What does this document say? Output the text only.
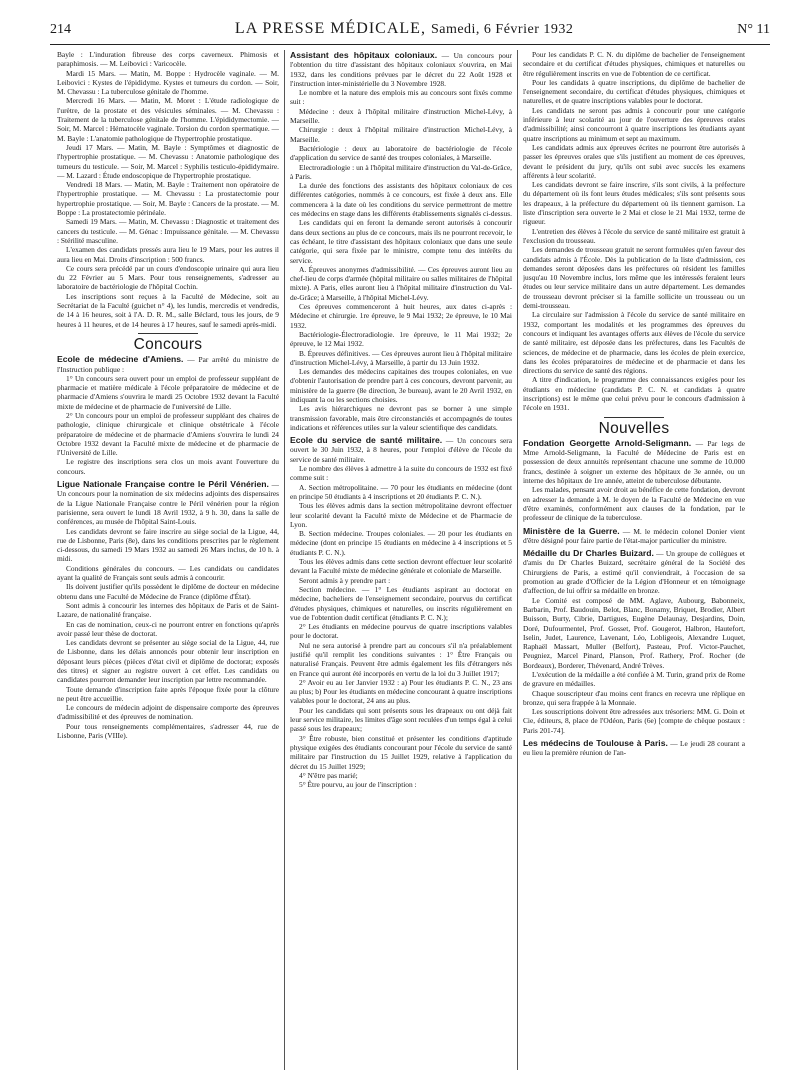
214	LA PRESSE MÉDICALE, Samedi, 6 Février 1932	N° 11

Bayle : L'induration fibreuse des corps caverneux. Phimosis et paraphimosis. — M. Leibovici : Varicocèle.

Mardi 15 Mars. — Matin, M. Boppe : Hydrocèle vaginale. — M. Leibovici : Kystes de l'épididyme. Kystes et tumeurs du cordon. — Soir, M. Chevassu : La tuberculose génitale de l'homme.

Mercredi 16 Mars. — Matin, M. Moret : L'étude radiologique de l'urètre, de la prostate et des vésicules séminales. — M. Chevassu : Traitement de la tuberculose génitale de l'homme. L'épididymectomie. — Soir, M. Marcel : Hématocèle vaginale. Torsion du cordon spermatique. — M. Bayle : L'anatomie pathologique de l'hypertrophie prostatique.

Jeudi 17 Mars. — Matin, M. Bayle : Symptômes et diagnostic de l'hypertrophie prostatique. — M. Chevassu : Anatomie pathologique des tumeurs du testicule. — Soir, M. Marcel : Syphilis testiculo-épididymaire. — M. Lazard : Étude endoscopique de l'hypertrophie prostatique.

Vendredi 18 Mars. — Matin, M. Bayle : Traitement non opératoire de l'hypertrophie prostatique. — M. Chevassu : La prostatectomie pour hypertrophie prostatique. — Soir, M. Bayle : Cancers de la prostate. — M. Boppe : La prostatectomie périnéale.

Samedi 19 Mars. — Matin, M. Chevassu : Diagnostic et traitement des cancers du testicule. — M. Génac : Impuissance génitale. — M. Chevassu : Stérilité masculine.

L'examen des candidats pressés aura lieu le 19 Mars, pour les autres il aura lieu en Mai. Droits d'inscription : 500 francs.

Ce cours sera précédé par un cours d'endoscopie urinaire qui aura lieu du 22 Février au 5 Mars. Pour tous renseignements, s'adresser au laboratoire de bactériologie de l'hôpital Cochin.

Les inscriptions sont reçues à la Faculté de Médecine, soit au Secrétariat de la Faculté (guichet n° 4), les lundis, mercredis et vendredis, de 14 à 16 heures, soit à l'A. D. R. M., salle Béclard, tous les jours, de 9 heures à 11 heures, et de 14 heures à 17 heures, sauf le samedi après-midi.

Concours

Ecole de médecine d'Amiens. — Par arrêté du ministre de l'Instruction publique :

1° Un concours sera ouvert pour un emploi de professeur suppléant de pharmacie et matière médicale à l'école préparatoire de médecine et de pharmacie d'Amiens s'ouvrira le mardi 25 Octobre 1932 devant la Faculté mixte de médecine et de pharmacie de l'université de Lille.

2° Un concours pour un emploi de professeur suppléant des chaires de pathologie, clinique chirurgicale et clinique obstétricale à l'école préparatoire de médecine et de pharmacie d'Amiens s'ouvrira le lundi 24 Octobre 1932 devant la Faculté mixte de médecine et de pharmacie de l'Université de Lille.

Le registre des inscriptions sera clos un mois avant l'ouverture du concours.

Ligue Nationale Française contre le Péril Vénérien. — Un concours pour la nomination de six médecins adjoints des dispensaires de la Ligue Nationale Française contre le Péril vénérien pour la région parisienne, sera ouvert le lundi 18 Avril 1932, à 9 h. 30, dans la salle de conférences, au musée de l'hôpital Saint-Louis.

Les candidats devront se faire inscrire au siège social de la Ligue, 44, rue de Lisbonne, Paris (8e), dans les conditions prescrites par le règlement ci-dessous, du samedi 19 Mars 1932 au samedi 26 Mars inclus, de 10 h. à midi.

Conditions générales du concours. — Les candidats ou candidates ayant la qualité de Français sont seuls admis à concourir.

Ils doivent justifier qu'ils possèdent le diplôme de docteur en médecine obtenu dans une Faculté de Médecine de France (diplôme d'État).

Sont admis à concourir les internes des hôpitaux de Paris et de Saint-Lazare, de nationalité française.

En cas de nomination, ceux-ci ne pourront entrer en fonctions qu'après avoir passé leur thèse de doctorat.

Les candidats devront se présenter au siège social de la Ligue, 44, rue de Lisbonne, dans les délais annoncés pour obtenir leur inscription en déposant leurs pièces (pièces d'état civil et diplôme de doctorat; exposés des titres) et signer au registre ouvert à cet effet. Les candidats ou candidates pourront demander leur inscription par lettre recommandée.

Toute demande d'inscription faite après l'époque fixée pour la clôture ne peut être accueillie.

Le concours de médecin adjoint de dispensaire comporte des épreuves d'admissibilité et des épreuves de nomination.

Pour tous renseignements complémentaires, s'adresser 44, rue de Lisbonne, Paris (VIIIe).

Assistant des hôpitaux coloniaux. — Un concours pour l'obtention du titre d'assistant des hôpitaux coloniaux s'ouvrira, en Mai 1932, dans les conditions prévues par le décret du 22 Août 1928 et l'instruction inter-ministérielle du 3 Novembre 1928.

Le nombre et la nature des emplois mis au concours sont fixés comme suit :

Médecine : deux à l'hôpital militaire d'instruction Michel-Lévy, à Marseille.

Chirurgie : deux à l'hôpital militaire d'instruction Michel-Lévy, à Marseille.

Bactériologie : deux au laboratoire de bactériologie de l'école d'application du service de santé des troupes coloniales, à Marseille.

Electroradiologie : un à l'hôpital militaire d'instruction du Val-de-Grâce, à Paris.

La durée des fonctions des assistants des hôpitaux coloniaux de ces différentes catégories, nommés à ce concours, est fixée à deux ans. Elle commencera à la date où les conditions du service permettront de mettre ces médecins en stage dans les différents établissements signalés ci-dessus.

Les candidats qui en feront la demande seront autorisés à concourir dans deux sections au plus de ce concours, mais ils ne pourront recevoir, le cas échéant, le titre d'assistant des hôpitaux coloniaux que dans une seule catégorie, qui sera fixée par le ministre, compte tenu des intérêts du service.

A. Épreuves anonymes d'admissibilité. — Ces épreuves auront lieu au chef-lieu de corps d'armée (hôpital militaire ou salles militaires de l'hôpital mixte). A Paris, elles auront lieu à l'hôpital militaire d'instruction du Val-de-Grâce; à Marseille, à l'hôpital Michel-Lévy.

Ces épreuves commenceront à huit heures, aux dates ci-après : Médecine et chirurgie. 1re épreuve, le 9 Mai 1932; 2e épreuve, le 10 Mai 1932.

Bactériologie-Électroradiologie. 1re épreuve, le 11 Mai 1932; 2e épreuve, le 12 Mai 1932.

B. Épreuves définitives. — Ces épreuves auront lieu à l'hôpital militaire d'instruction Michel-Lévy, à Marseille, à partir du 13 Juin 1932.

Les demandes des médecins capitaines des troupes coloniales, en vue d'obtenir l'autorisation de prendre part à ces concours, devront parvenir, au ministère de la guerre (8e direction, 3e bureau), avant le 20 Avril 1932, en indiquant la ou les sections choisies.

Les avis hiérarchiques ne devront pas se borner à une simple transmission favorable, mais être circonstanciés et accompagnés de toutes indications et références utiles sur la valeur scientifique des candidats.

Ecole du service de santé militaire. — Un concours sera ouvert le 30 Juin 1932, à 8 heures, pour l'emploi d'élève de l'école du service de santé militaire.

Le nombre des élèves à admettre à la suite du concours de 1932 est fixé comme suit :

A. Section métropolitaine. — 70 pour les étudiants en médecine (dont en principe 50 étudiants à 4 inscriptions et 20 étudiants P. C. N.).

Tous les élèves admis dans la section métropolitaine devront effectuer leur scolarité devant la Faculté mixte de Médecine et de Pharmacie de Lyon.

B. Section médecine. Troupes coloniales. — 20 pour les étudiants en médecine (dont en principe 15 étudiants en médecine à 4 inscriptions et 5 étudiants P. C. N.).

Tous les élèves admis dans cette section devront effectuer leur scolarité devant la Faculté mixte de médecine générale et coloniale de Marseille.

Seront admis à y prendre part :

Section médecine. — 1° Les étudiants aspirant au doctorat en médecine, bacheliers de l'enseignement secondaire, pourvus du certificat d'études physiques, chimiques et naturelles, ou inscrits régulièrement en vue de l'obtention dudit certificat (étudiants P. C. N.);

2° Les étudiants en médecine pourvus de quatre inscriptions valables pour le doctorat.

Nul ne sera autorisé à prendre part au concours s'il n'a préalablement justifié qu'il remplit les conditions suivantes : 1° Être Français ou naturalisé Français. Peuvent être admis également les fils d'étrangers nés en France qui auront été incorporés en vertu de la loi du 3 Juillet 1917;

2° Avoir eu au 1er Janvier 1932 : a) Pour les étudiants P. C. N., 23 ans au plus; b) Pour les étudiants en médecine concourant à quatre inscriptions valables pour le doctorat, 24 ans au plus.

Pour les candidats qui sont présents sous les drapeaux ou ont déjà fait leur service militaire, les limites d'âge sont reculées d'un temps égal à celui passé sous les drapeaux;

3° Être robuste, bien constitué et présenter les conditions d'aptitude physique exigées des étudiants concourant pour l'école du service de santé militaire par l'instruction du 15 Juillet 1929, relative à l'application du décret du 15 Juillet 1929;

4° N'être pas marié;

5° Être pourvu, au jour de l'inscription :

Pour les candidats P. C. N. du diplôme de bachelier de l'enseignement secondaire et du certificat d'études physiques, chimiques et naturelles ou être régulièrement inscrits en vue de l'obtention de ce certificat.

Pour les candidats à quatre inscriptions, du diplôme de bachelier de l'enseignement secondaire, du certificat d'études physiques, chimiques et naturelles, et de quatre inscriptions valables pour le doctorat.

Les candidats ne seront pas admis à concourir pour une catégorie inférieure à leur scolarité au jour de l'ouverture des épreuves orales d'admissibilité; ainsi concourront à quatre inscriptions les étudiants ayant quatre inscriptions au minimum et sept au maximum.

Les candidats admis aux épreuves écrites ne pourront être autorisés à passer les épreuves orales que s'ils justifient au moment de ces épreuves, devant le président du jury, qu'ils ont subi avec succès les examens afférents à leur scolarité.

Les candidats devront se faire inscrire, s'ils sont civils, à la préfecture du département où ils font leurs études médicales; s'ils sont présents sous les drapeaux, à la préfecture du département où ils tiennent garnison. La liste d'inscription sera ouverte le 2 Mai et close le 21 Mai 1932, terme de rigueur.

L'entretien des élèves à l'école du service de santé militaire est gratuit à l'exclusion du trousseau.

Les demandes de trousseau gratuit ne seront formulées qu'en faveur des candidats admis à l'École. Dès la publication de la liste d'admission, ces demandes seront déposées dans les préfectures où résident les familles jusqu'au 10 Novembre inclus, lors même que les intéressés feraient leurs études ou leur service militaire dans un autre département. Les demandes de trousseau devront préciser si la famille sollicite un trousseau ou un demi-trousseau.

La circulaire sur l'admission à l'école du service de santé militaire en 1932, comportant les modalités et les programmes des épreuves du concours et indiquant les avantages offerts aux élèves de l'école du service de santé militaire, est déposée dans les préfectures, dans les Facultés de sciences, de médecine et de pharmacie, dans les écoles de plein exercice, dans les écoles préparatoires de médecine et de pharmacie et dans les directions du service de santé des régions.

A titre d'indication, le programme des connaissances exigées pour les étudiants en médecine (candidats P. C. N. et candidats à quatre inscriptions) est le même que celui prévu pour le concours d'admission à l'école en 1931.

Nouvelles

Fondation Georgette Arnold-Seligmann. — Par legs de Mme Arnold-Seligmann, la Faculté de Médecine de Paris est en possession de deux annuités représentant chacune une somme de 10.000 francs, destinée à soigner un externe des hôpitaux de 3e année, ou un interne des hôpitaux de 1re année, atteint de tuberculose débutante.

Les malades, pensant avoir droit au bénéfice de cette fondation, devront en adresser la demande à M. le doyen de la Faculté de Médecine en vue d'être examinés, conformément aux clauses de la fondation, par le professeur de clinique de la tuberculose.

Ministère de la Guerre. — M. le médecin colonel Donier vient d'être désigné pour faire partie de l'état-major particulier du ministre.

Médaille du Dr Charles Buizard. — Un groupe de collègues et d'amis du Dr Charles Buizard, secrétaire général de la Société des Chirurgiens de Paris, a estimé qu'il conviendrait, à l'occasion de sa promotion au grade d'Officier de la Légion d'Honneur et en témoignage d'affection, de lui offrir sa médaille en bronze.

Le Comité est composé de MM. Aglave, Aubourg, Babonneix, Barbarin, Prof. Baudouin, Belot, Blanc, Bonamy, Briquet, Brodier, Albert Buisson, Burty, Cibrie, Dartigues, Eugène Delaunay, Desjardins, Doin, Doré, Dufourmentel, Prof. Gosset, Prof. Gougerot, Halbron, Hautefort, Iselin, Judet, Laurence, Lavenant, Léo, Lobligeois, Alexandre Luquet, Raphaël Massart, Muller (Belfort), Pasteau, Prof. Victor-Pauchet, Peugniez, Marcel Pinard, Planson, Prof. Rathery, Prof. Rocher (de Bordeaux), Borderer, Thévenard, André Trèves.

L'exécution de la médaille a été confiée à M. Turin, grand prix de Rome de gravure en médailles.

Chaque souscripteur d'au moins cent francs en recevra une réplique en bronze, qui sera frappée à la Monnaie.

Les souscriptions doivent être adressées aux trésoriers: MM. G. Doin et Cie, éditeurs, 8, place de l'Odéon, Paris (6e) [compte de chèque postaux : Paris 201-74].

Les médecins de Toulouse à Paris. — Le jeudi 28 courant a eu lieu la première réunion de l'an-
